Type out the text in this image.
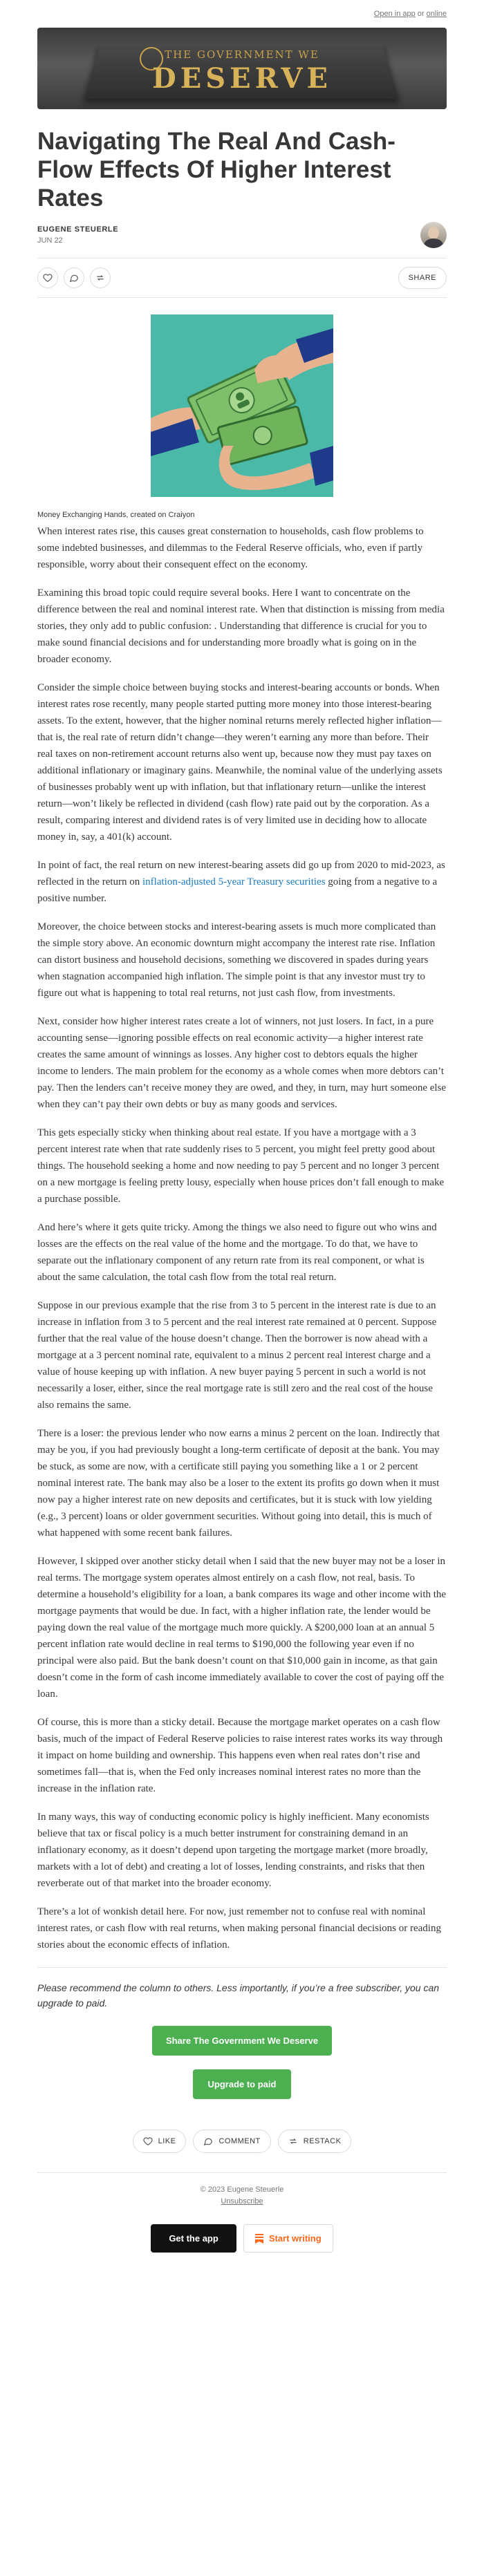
Open in app or online
THE GOVERNMENT WE
DESERVE
Navigating The Real And Cash-Flow Effects Of Higher Interest Rates
EUGENE STEUERLE
JUN 22
SHARE
Money Exchanging Hands, created on Craiyon

When interest rates rise, this causes great consternation to households, cash flow problems to some indebted businesses, and dilemmas to the Federal Reserve officials, who, even if partly responsible, worry about their consequent effect on the economy.

Examining this broad topic could require several books. Here I want to concentrate on the difference between the real and nominal interest rate. When that distinction is missing from media stories, they only add to public confusion: . Understanding that difference is crucial for you to make sound financial decisions and for understanding more broadly what is going on in the broader economy.

Consider the simple choice between buying stocks and interest-bearing accounts or bonds. When interest rates rose recently, many people started putting more money into those interest-bearing assets. To the extent, however, that the higher nominal returns merely reflected higher inflation—that is, the real rate of return didn’t change—they weren’t earning any more than before. Their real taxes on non-retirement account returns also went up, because now they must pay taxes on additional inflationary or imaginary gains. Meanwhile, the nominal value of the underlying assets of businesses probably went up with inflation, but that inflationary return—unlike the interest return—won’t likely be reflected in dividend (cash flow) rate paid out by the corporation. As a result, comparing interest and dividend rates is of very limited use in deciding how to allocate money in, say, a 401(k) account.

In point of fact, the real return on new interest-bearing assets did go up from 2020 to mid-2023, as reflected in the return on inflation-adjusted 5-year Treasury securities going from a negative to a positive number.

Moreover, the choice between stocks and interest-bearing assets is much more complicated than the simple story above. An economic downturn might accompany the interest rate rise. Inflation can distort business and household decisions, something we discovered in spades during years when stagnation accompanied high inflation. The simple point is that any investor must try to figure out what is happening to total real returns, not just cash flow, from investments.

Next, consider how higher interest rates create a lot of winners, not just losers. In fact, in a pure accounting sense—ignoring possible effects on real economic activity—a higher interest rate creates the same amount of winnings as losses. Any higher cost to debtors equals the higher income to lenders. The main problem for the economy as a whole comes when more debtors can’t pay. Then the lenders can’t receive money they are owed, and they, in turn, may hurt someone else when they can’t pay their own debts or buy as many goods and services.

This gets especially sticky when thinking about real estate. If you have a mortgage with a 3 percent interest rate when that rate suddenly rises to 5 percent, you might feel pretty good about things. The household seeking a home and now needing to pay 5 percent and no longer 3 percent on a new mortgage is feeling pretty lousy, especially when house prices don’t fall enough to make a purchase possible.

And here’s where it gets quite tricky. Among the things we also need to figure out who wins and losses are the effects on the real value of the home and the mortgage. To do that, we have to separate out the inflationary component of any return rate from its real component, or what is about the same calculation, the total cash flow from the total real return.

Suppose in our previous example that the rise from 3 to 5 percent in the interest rate is due to an increase in inflation from 3 to 5 percent and the real interest rate remained at 0 percent. Suppose further that the real value of the house doesn’t change. Then the borrower is now ahead with a mortgage at a 3 percent nominal rate, equivalent to a minus 2 percent real interest charge and a value of house keeping up with inflation. A new buyer paying 5 percent in such a world is not necessarily a loser, either, since the real mortgage rate is still zero and the real cost of the house also remains the same.

There is a loser: the previous lender who now earns a minus 2 percent on the loan. Indirectly that may be you, if you had previously bought a long-term certificate of deposit at the bank. You may be stuck, as some are now, with a certificate still paying you something like a 1 or 2 percent nominal interest rate. The bank may also be a loser to the extent its profits go down when it must now pay a higher interest rate on new deposits and certificates, but it is stuck with low yielding (e.g., 3 percent) loans or older government securities. Without going into detail, this is much of what happened with some recent bank failures.

However, I skipped over another sticky detail when I said that the new buyer may not be a loser in real terms. The mortgage system operates almost entirely on a cash flow, not real, basis. To determine a household’s eligibility for a loan, a bank compares its wage and other income with the mortgage payments that would be due. In fact, with a higher inflation rate, the lender would be paying down the real value of the mortgage much more quickly. A $200,000 loan at an annual 5 percent inflation rate would decline in real terms to $190,000 the following year even if no principal were also paid. But the bank doesn’t count on that $10,000 gain in income, as that gain doesn’t come in the form of cash income immediately available to cover the cost of paying off the loan.

Of course, this is more than a sticky detail. Because the mortgage market operates on a cash flow basis, much of the impact of Federal Reserve policies to raise interest rates works its way through it impact on home building and ownership. This happens even when real rates don’t rise and sometimes fall—that is, when the Fed only increases nominal interest rates no more than the increase in the inflation rate.

In many ways, this way of conducting economic policy is highly inefficient. Many economists believe that tax or fiscal policy is a much better instrument for constraining demand in an inflationary economy, as it doesn’t depend upon targeting the mortgage market (more broadly, markets with a lot of debt) and creating a lot of losses, lending constraints, and risks that then reverberate out of that market into the broader economy.

There’s a lot of wonkish detail here. For now, just remember not to confuse real with nominal interest rates, or cash flow with real returns, when making personal financial decisions or reading stories about the economic effects of inflation.

Please recommend the column to others. Less importantly, if you’re a free subscriber, you can upgrade to paid.
Share The Government We Deserve
Upgrade to paid
LIKE	COMMENT	RESTACK
© 2023 Eugene Steuerle
Unsubscribe
Get the app	Start writing
